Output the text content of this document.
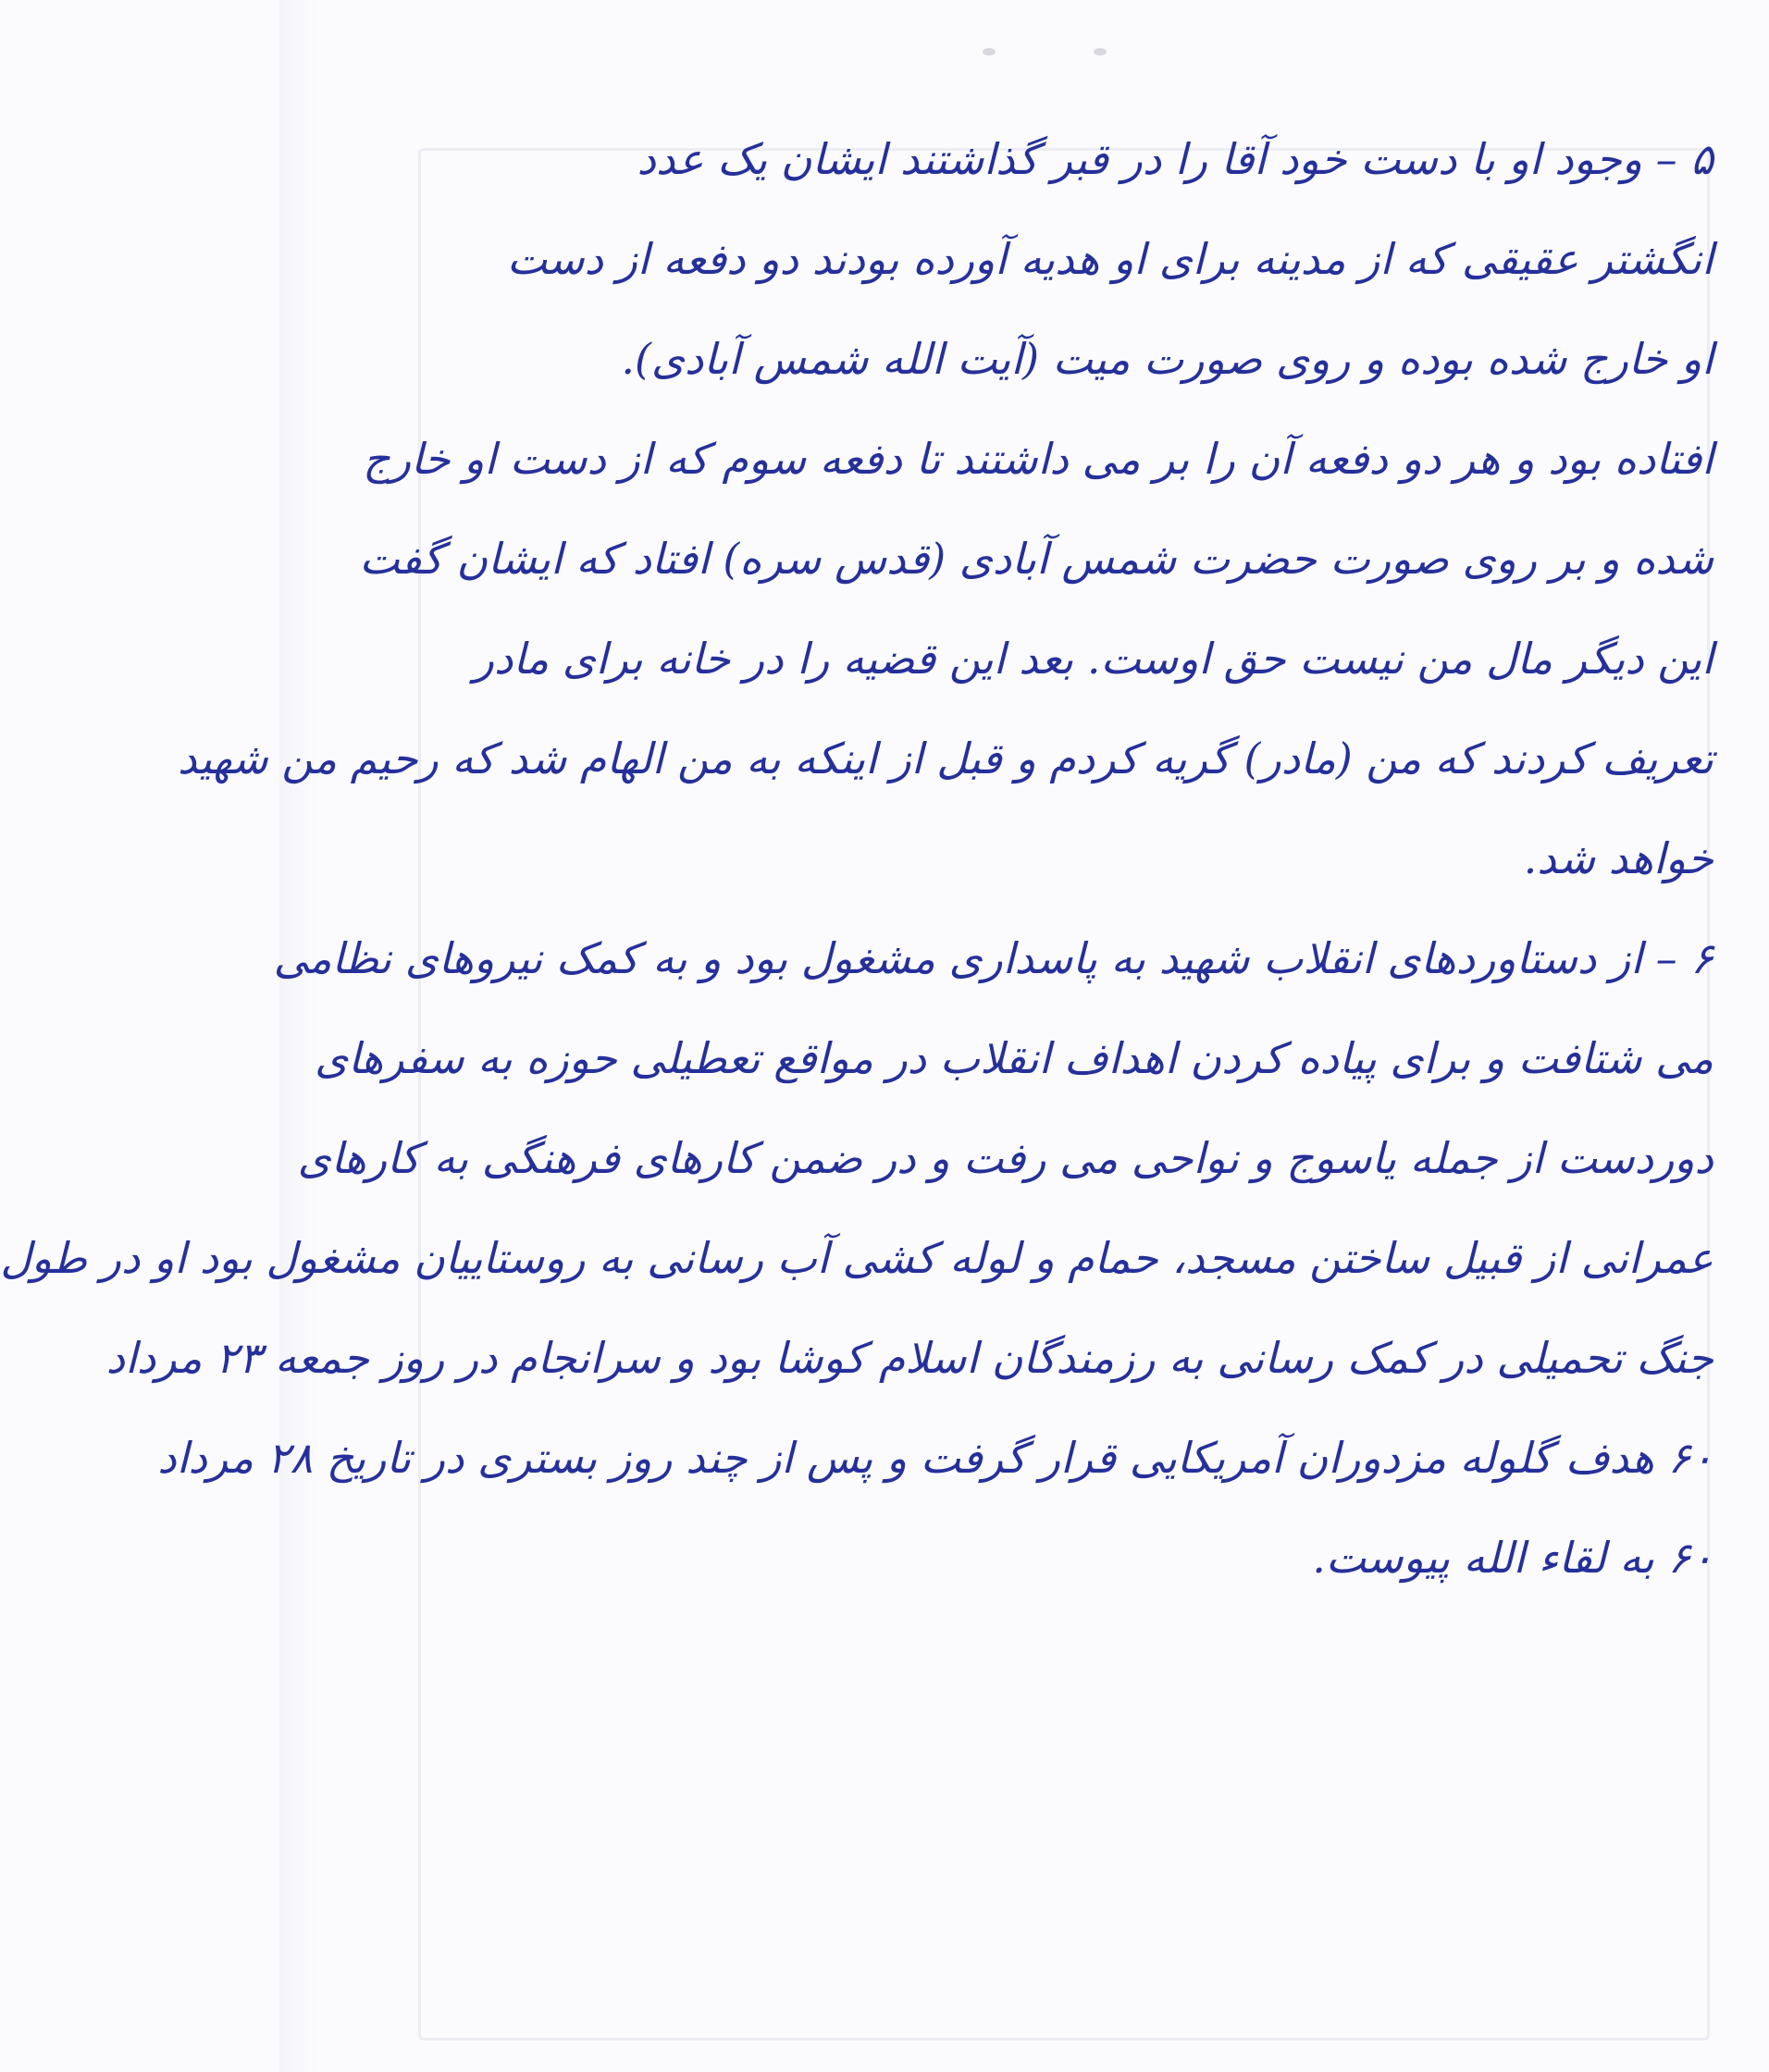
۵ – وجود او با دست خود آقا را در قبر گذاشتند ایشان یک عدد
انگشتر عقیقی که از مدینه برای او هدیه آورده بودند دو دفعه از دست
او خارج شده بوده و روی صورت میت (آیت الله شمس آبادی).
افتاده بود و هر دو دفعه آن را بر می داشتند تا دفعه سوم که از دست او خارج
شده و بر روی صورت حضرت شمس آبادی (قدس سره) افتاد که ایشان گفت
این دیگر مال من نیست حق اوست. بعد این قضیه را در خانه برای مادر
تعریف کردند که من (مادر) گریه کردم و قبل از اینکه به من الهام شد که رحیم من شهید
خواهد شد.
۶ – از دستاوردهای انقلاب شهید به پاسداری مشغول بود و به کمک نیروهای نظامی
می شتافت و برای پیاده کردن اهداف انقلاب در مواقع تعطیلی حوزه به سفرهای
دوردست از جمله یاسوج و نواحی می رفت و در ضمن کارهای فرهنگی به کارهای
عمرانی از قبیل ساختن مسجد، حمام و لوله کشی آب رسانی به روستاییان مشغول بود او در طول
جنگ تحمیلی در کمک رسانی به رزمندگان اسلام کوشا بود و سرانجام در روز جمعه ۲۳ مرداد
۶۰ هدف گلوله مزدوران آمریکایی قرار گرفت و پس از چند روز بستری در تاریخ ۲۸ مرداد
۶۰ به لقاء الله پیوست.
